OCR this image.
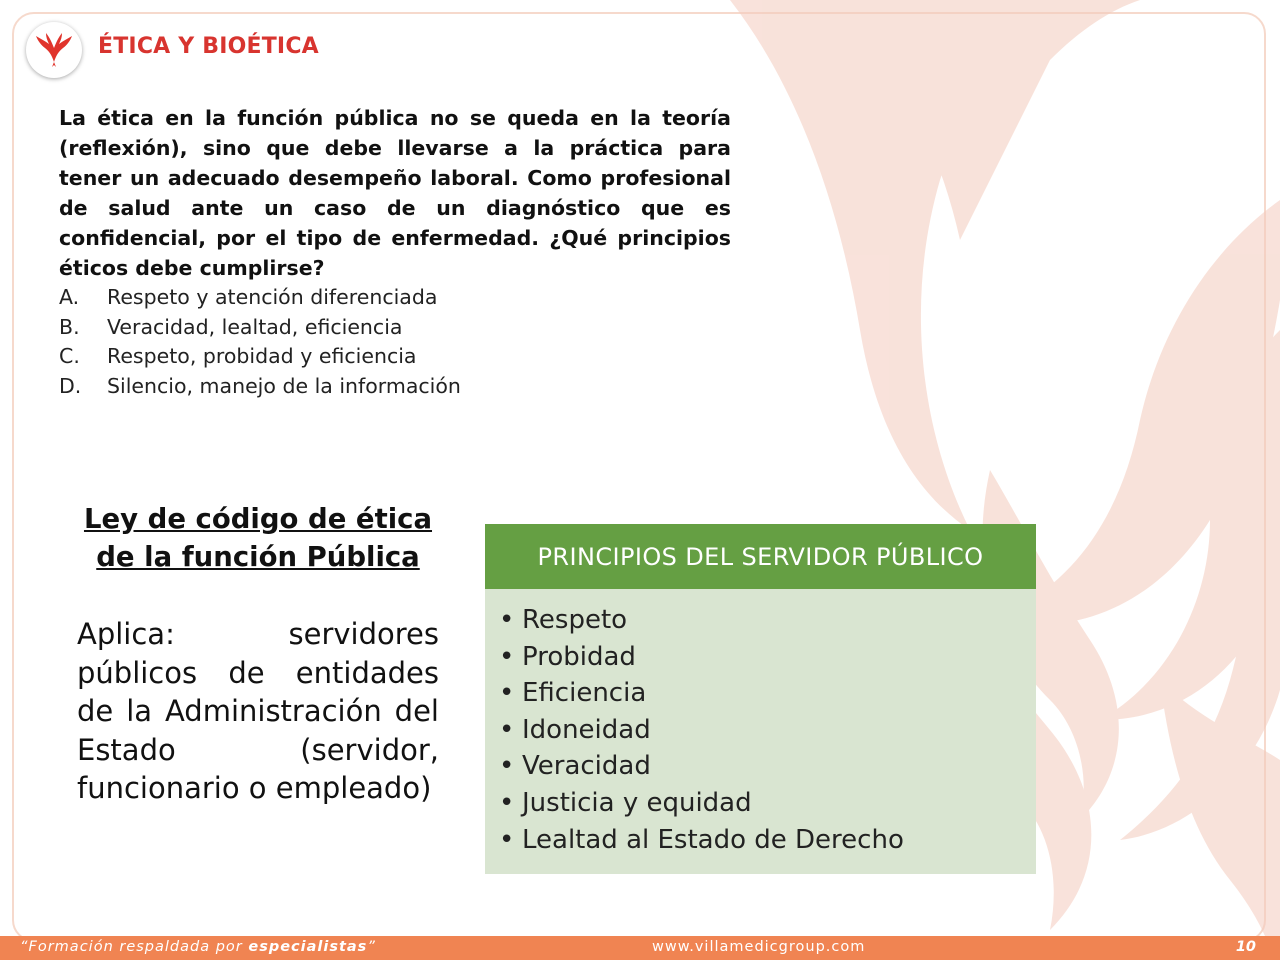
ÉTICA Y BIOÉTICA

La ética en la función pública no se queda en la teoría (reflexión), sino que debe llevarse a la práctica para tener un adecuado desempeño laboral. Como profesional de salud ante un caso de un diagnóstico que es confidencial, por el tipo de enfermedad. ¿Qué principios éticos debe cumplirse?

A.	Respeto y atención diferenciada
B.	Veracidad, lealtad, eficiencia
C.	Respeto, probidad y eficiencia
D.	Silencio, manejo de la información
Ley de código de ética de la función Pública
Aplica: servidores públicos de entidades de la Administración del Estado (servidor, funcionario o empleado)
PRINCIPIOS DEL SERVIDOR PÚBLICO
• Respeto
• Probidad
• Eficiencia
• Idoneidad
• Veracidad
• Justicia y equidad
• Lealtad al Estado de Derecho
“Formación respaldada por especialistas”	www.villamedicgroup.com	10
